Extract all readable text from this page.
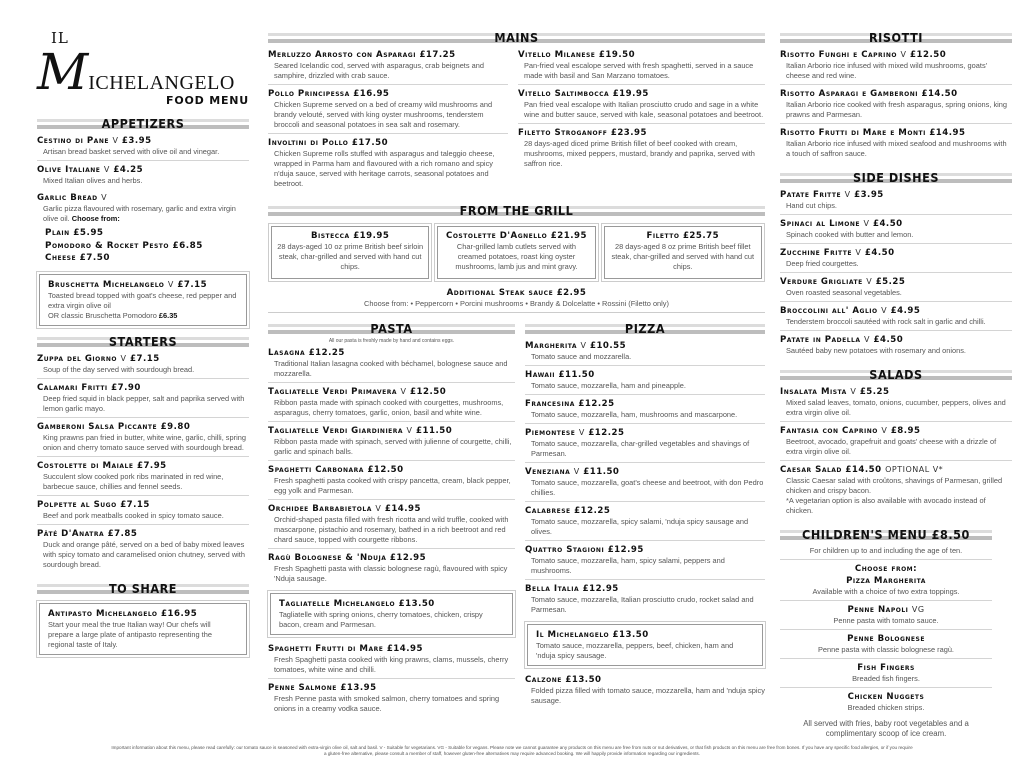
IL
MICHELANGELO
FOOD MENU
APPETIZERS
Cestino di Pane V £3.95
Artisan bread basket served with olive oil and vinegar.
Olive Italiane V £4.25
Mixed Italian olives and herbs.
Garlic Bread V
Garlic pizza flavoured with rosemary, garlic and extra virgin olive oil. Choose from:
Plain £5.95
Pomodoro & Rocket Pesto £6.85
Cheese £7.50
Bruschetta Michelangelo V £7.15
Toasted bread topped with goat's cheese, red pepper and extra virgin olive oil
OR classic Bruschetta Pomodoro £6.35
STARTERS
Zuppa del Giorno V £7.15
Soup of the day served with sourdough bread.
Calamari Fritti £7.90
Deep fried squid in black pepper, salt and paprika served with lemon garlic mayo.
Gamberoni Salsa Piccante £9.80
King prawns pan fried in butter, white wine, garlic, chilli, spring onion and cherry tomato sauce served with sourdough bread.
Costolette di Maiale £7.95
Succulent slow cooked pork ribs marinated in red wine, barbecue sauce, chillies and fennel seeds.
Polpette al Sugo £7.15
Beef and pork meatballs cooked in spicy tomato sauce.
Pâté D'Anatra £7.85
Duck and orange pâté, served on a bed of baby mixed leaves with spicy tomato and caramelised onion chutney, served with sourdough bread.
TO SHARE
Antipasto Michelangelo £16.95
Start your meal the true Italian way! Our chefs will prepare a large plate of antipasto representing the regional taste of Italy.
MAINS
Merluzzo Arrosto con Asparagi £17.25
Seared Icelandic cod, served with asparagus, crab beignets and samphire, drizzled with crab sauce.
Pollo Principessa £16.95
Chicken Supreme served on a bed of creamy wild mushrooms and brandy velouté, served with king oyster mushrooms, tenderstem broccoli and seasonal potatoes in sea salt and rosemary.
Involtini di Pollo £17.50
Chicken Supreme rolls stuffed with asparagus and taleggio cheese, wrapped in Parma ham and flavoured with a rich romano and spicy n'duja sauce, served with heritage carrots, seasonal potatoes and beetroot.
Vitello Milanese £19.50
Pan-fried veal escalope served with fresh spaghetti, served in a sauce made with basil and San Marzano tomatoes.
Vitello Saltimbocca £19.95
Pan fried veal escalope with Italian prosciutto crudo and sage in a white wine and butter sauce, served with kale, seasonal potatoes and beetroot.
Filetto Stroganoff £23.95
28 days-aged diced prime British fillet of beef cooked with cream, mushrooms, mixed peppers, mustard, brandy and paprika, served with saffron rice.
FROM THE GRILL
Bistecca £19.95
28 days-aged 10 oz prime British beef sirloin steak, char-grilled and served with hand cut chips.
Costolette D'Agnello £21.95
Char-grilled lamb cutlets served with creamed potatoes, roast king oyster mushrooms, lamb jus and mint gravy.
Filetto £25.75
28 days-aged 8 oz prime British beef fillet steak, char-grilled and served with hand cut chips.
Additional Steak sauce £2.95
Choose from: • Peppercorn • Porcini mushrooms • Brandy & Dolcelatte • Rossini (Filetto only)
PASTA
All our pasta is freshly made by hand and contains eggs.
Lasagna £12.25
Traditional Italian lasagna cooked with béchamel, bolognese sauce and mozzarella.
Tagliatelle Verdi Primavera V £12.50
Ribbon pasta made with spinach cooked with courgettes, mushrooms, asparagus, cherry tomatoes, garlic, onion, basil and white wine.
Tagliatelle Verdi Giardiniera V £11.50
Ribbon pasta made with spinach, served with julienne of courgette, chilli, garlic and spinach balls.
Spaghetti Carbonara £12.50
Fresh spaghetti pasta cooked with crispy pancetta, cream, black pepper, egg yolk and Parmesan.
Orchidee Barbabietola V £14.95
Orchid-shaped pasta filled with fresh ricotta and wild truffle, cooked with mascarpone, pistachio and rosemary, bathed in a rich beetroot and red chard sauce, topped with courgette ribbons.
Ragù Bolognese & 'Nduja £12.95
Fresh Spaghetti pasta with classic bolognese ragù, flavoured with spicy 'Nduja sausage.
Tagliatelle Michelangelo £13.50
Tagliatelle with spring onions, cherry tomatoes, chicken, crispy bacon, cream and Parmesan.
Spaghetti Frutti di Mare £14.95
Fresh Spaghetti pasta cooked with king prawns, clams, mussels, cherry tomatoes, white wine and chilli.
Penne Salmone £13.95
Fresh Penne pasta with smoked salmon, cherry tomatoes and spring onions in a creamy vodka sauce.
PIZZA
Margherita V £10.55
Tomato sauce and mozzarella.
Hawaii £11.50
Tomato sauce, mozzarella, ham and pineapple.
Francesina £12.25
Tomato sauce, mozzarella, ham, mushrooms and mascarpone.
Piemontese V £12.25
Tomato sauce, mozzarella, char-grilled vegetables and shavings of Parmesan.
Veneziana V £11.50
Tomato sauce, mozzarella, goat's cheese and beetroot, with don Pedro chillies.
Calabrese £12.25
Tomato sauce, mozzarella, spicy salami, 'nduja spicy sausage and olives.
Quattro Stagioni £12.95
Tomato sauce, mozzarella, ham, spicy salami, peppers and mushrooms.
Bella Italia £12.95
Tomato sauce, mozzarella, Italian prosciutto crudo, rocket salad and Parmesan.
Il Michelangelo £13.50
Tomato sauce, mozzarella, peppers, beef, chicken, ham and 'nduja spicy sausage.
Calzone £13.50
Folded pizza filled with tomato sauce, mozzarella, ham and 'nduja spicy sausage.
RISOTTI
Risotto Funghi e Caprino V £12.50
Italian Arborio rice infused with mixed wild mushrooms, goats' cheese and red wine.
Risotto Asparagi e Gamberoni £14.50
Italian Arborio rice cooked with fresh asparagus, spring onions, king prawns and Parmesan.
Risotto Frutti di Mare e Monti £14.95
Italian Arborio rice infused with mixed seafood and mushrooms with a touch of saffron sauce.
SIDE DISHES
Patate Fritte V £3.95
Hand cut chips.
Spinaci al Limone V £4.50
Spinach cooked with butter and lemon.
Zucchine Fritte V £4.50
Deep fried courgettes.
Verdure Grigliate V £5.25
Oven roasted seasonal vegetables.
Broccolini all' Aglio V £4.95
Tenderstem broccoli sautéed with rock salt in garlic and chilli.
Patate in Padella V £4.50
Sautéed baby new potatoes with rosemary and onions.
SALADS
Insalata Mista V £5.25
Mixed salad leaves, tomato, onions, cucumber, peppers, olives and extra virgin olive oil.
Fantasia con Caprino V £8.95
Beetroot, avocado, grapefruit and goats' cheese with a drizzle of extra virgin olive oil.
Caesar Salad £14.50 OPTIONAL V*
Classic Caesar salad with croûtons, shavings of Parmesan, grilled chicken and crispy bacon.
*A vegetarian option is also available with avocado instead of chicken.
CHILDREN'S MENU £8.50
For children up to and including the age of ten.
Choose from:
Pizza Margherita
Available with a choice of two extra toppings.
Penne Napoli VG
Penne pasta with tomato sauce.
Penne Bolognese
Penne pasta with classic bolognese ragù.
Fish Fingers
Breaded fish fingers.
Chicken Nuggets
Breaded chicken strips.
All served with fries, baby root vegetables and a complimentary scoop of ice cream.
Important information about this menu, please read carefully: our tomato sauce is seasoned with extra-virgin olive oil, salt and basil. V - Suitable for vegetarians. VG - Suitable for vegans. Please note we cannot guarantee any products on this menu are free from nuts or nut derivatives, or that fish products on this menu are free from bones. If you have any specific food allergies, or if you require a gluten-free alternative, please consult a member of staff, however gluten-free alternatives may require advanced booking. We will happily provide information regarding our ingredients.
